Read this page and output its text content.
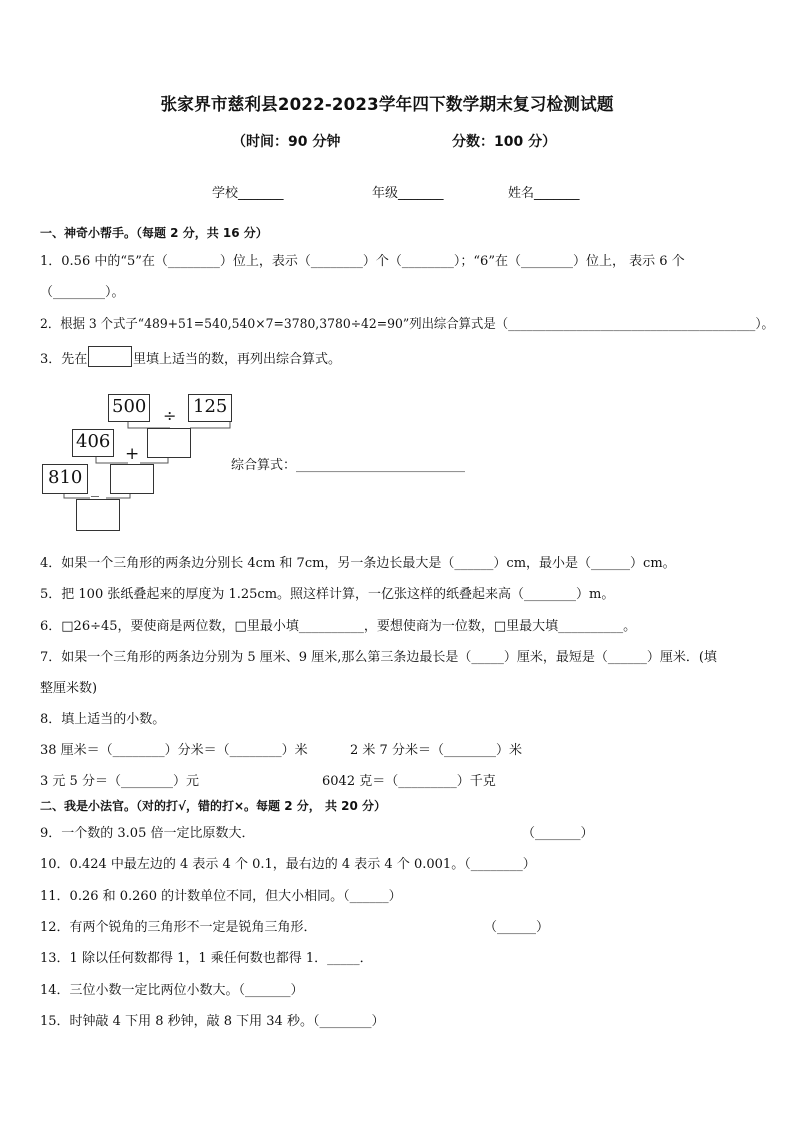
张家界市慈利县2022-2023学年四下数学期末复习检测试题
（时间：90 分钟	分数：100 分）
学校_______	年级_______	姓名_______
一、神奇小帮手。（每题 2 分，共 16 分）
1．0.56 中的“5”在（________）位上，表示（________）个（________）；“6”在（________）位上， 表示 6 个
（________）。
2．根据 3 个式子“489+51=540,540×7=3780,3780÷42=90”列出综合算式是（________________________________________）。
3．先在	里填上适当的数，再列出综合算式。
500 ÷ 125
406
+
810 _
综合算式：__________________________
4．如果一个三角形的两条边分别长 4cm 和 7cm，另一条边长最大是（______）cm，最小是（______）cm。
5．把 100 张纸叠起来的厚度为 1.25cm。照这样计算，一亿张这样的纸叠起来高（________）m。
6．□26÷45，要使商是两位数，□里最小填__________，要想使商为一位数，□里最大填__________。
7．如果一个三角形的两条边分别为 5 厘米、9 厘米,那么第三条边最长是（_____）厘米，最短是（______）厘米．(填
整厘米数)
8．填上适当的小数。
38 厘米＝（________）分米＝（________）米	2 米 7 分米＝（________）米
3 元 5 分＝（________）元	6042 克＝（_________）千克
二、我是小法官。（对的打√，错的打×。每题 2 分， 共 20 分）
9．一个数的 3.05 倍一定比原数大．	（_______）
10．0.424 中最左边的 4 表示 4 个 0.1，最右边的 4 表示 4 个 0.001。（________）
11．0.26 和 0.260 的计数单位不同，但大小相同。（______）
12．有两个锐角的三角形不一定是锐角三角形．	（______）
13．1 除以任何数都得 1，1 乘任何数也都得 1．_____．
14．三位小数一定比两位小数大。（_______）
15．时钟敲 4 下用 8 秒钟，敲 8 下用 34 秒。（________）
